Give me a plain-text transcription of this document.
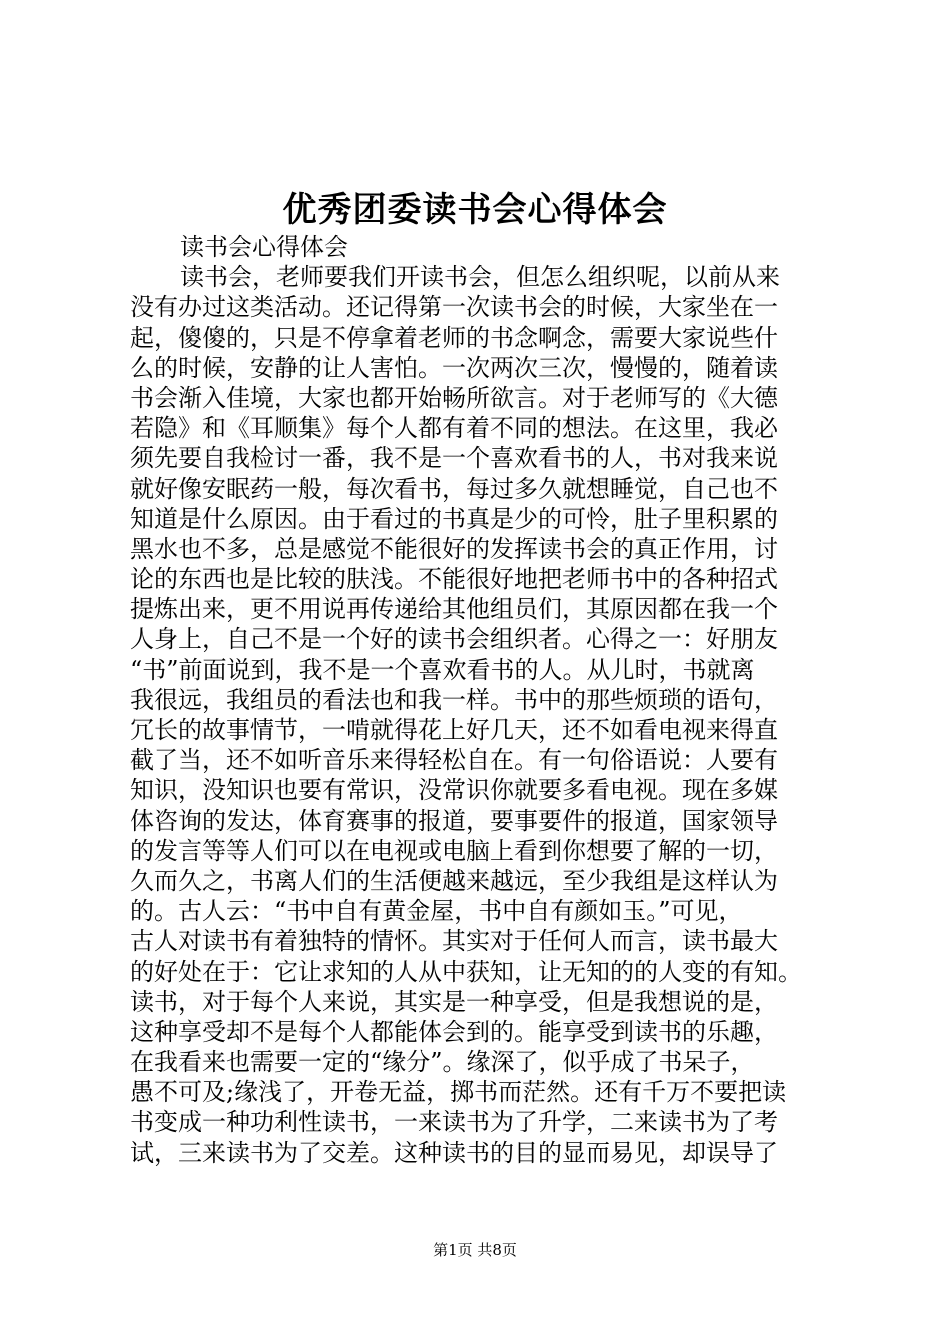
优秀团委读书会心得体会
读书会心得体会
读书会，老师要我们开读书会，但怎么组织呢，以前从来
没有办过这类活动。还记得第一次读书会的时候，大家坐在一
起，傻傻的，只是不停拿着老师的书念啊念，需要大家说些什
么的时候，安静的让人害怕。一次两次三次，慢慢的，随着读
书会渐入佳境，大家也都开始畅所欲言。对于老师写的《大德
若隐》和《耳顺集》每个人都有着不同的想法。在这里，我必
须先要自我检讨一番，我不是一个喜欢看书的人，书对我来说
就好像安眠药一般，每次看书，每过多久就想睡觉，自己也不
知道是什么原因。由于看过的书真是少的可怜，肚子里积累的
黑水也不多，总是感觉不能很好的发挥读书会的真正作用，讨
论的东西也是比较的肤浅。不能很好地把老师书中的各种招式
提炼出来，更不用说再传递给其他组员们，其原因都在我一个
人身上，自己不是一个好的读书会组织者。心得之一：好朋友
“书”前面说到，我不是一个喜欢看书的人。从儿时，书就离
我很远，我组员的看法也和我一样。书中的那些烦琐的语句，
冗长的故事情节，一啃就得花上好几天，还不如看电视来得直
截了当，还不如听音乐来得轻松自在。有一句俗语说：人要有
知识，没知识也要有常识，没常识你就要多看电视。现在多媒
体咨询的发达，体育赛事的报道，要事要件的报道，国家领导
的发言等等人们可以在电视或电脑上看到你想要了解的一切，
久而久之，书离人们的生活便越来越远，至少我组是这样认为
的。古人云：“书中自有黄金屋，书中自有颜如玉。”可见，
古人对读书有着独特的情怀。其实对于任何人而言，读书最大
的好处在于：它让求知的人从中获知，让无知的的人变的有知。
读书，对于每个人来说，其实是一种享受，但是我想说的是，
这种享受却不是每个人都能体会到的。能享受到读书的乐趣，
在我看来也需要一定的“缘分”。缘深了，似乎成了书呆子，
愚不可及;缘浅了，开卷无益，掷书而茫然。还有千万不要把读
书变成一种功利性读书，一来读书为了升学，二来读书为了考
试，三来读书为了交差。这种读书的目的显而易见，却误导了
第1页 共8页
